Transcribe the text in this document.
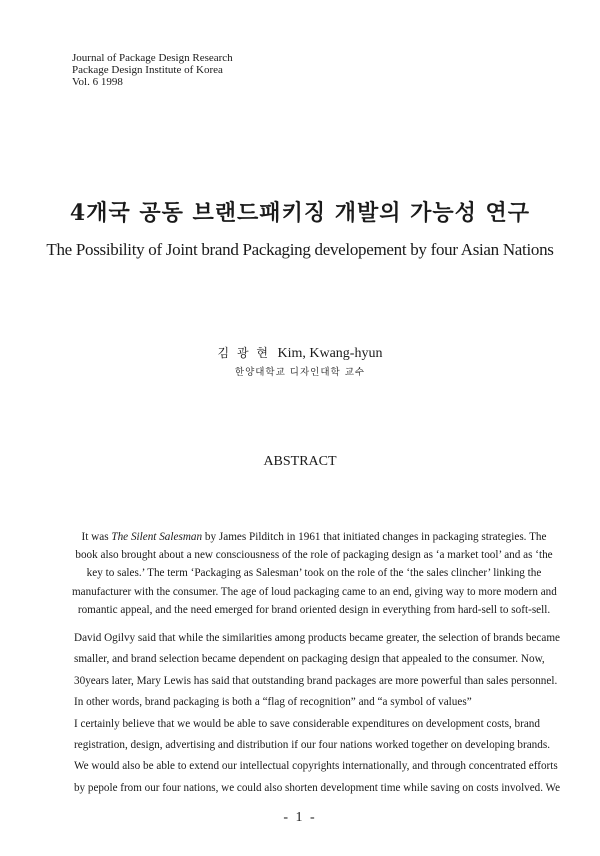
Journal of Package Design Research
Package Design Institute of Korea
Vol. 6 1998
4개국 공동 브랜드패키징 개발의 가능성 연구
The Possibility of Joint brand Packaging developement by four Asian Nations
김 광 현 Kim, Kwang-hyun
한양대학교 디자인대학 교수
ABSTRACT
It was The Silent Salesman by James Pilditch in 1961 that initiated changes in packaging strategies. The
book also brought about a new consciousness of the role of packaging design as ‘a market tool’ and as ‘the
key to sales.’ The term ‘Packaging as Salesman’ took on the role of the ‘the sales clincher’ linking the
manufacturer with the consumer. The age of loud packaging came to an end, giving way to more modern and
romantic appeal, and the need emerged for brand oriented design in everything from hard-sell to soft-sell.
David Ogilvy said that while the similarities among products became greater, the selection of brands became
smaller, and brand selection became dependent on packaging design that appealed to the consumer. Now,
30years later, Mary Lewis has said that outstanding brand packages are more powerful than sales personnel.
In other words, brand packaging is both a “flag of recognition” and “a symbol of values”
I certainly believe that we would be able to save considerable expenditures on development costs, brand
registration, design, advertising and distribution if our four nations worked together on developing brands.
We would also be able to extend our intellectual copyrights internationally, and through concentrated efforts
by pepole from our four nations, we could also shorten development time while saving on costs involved. We
- 1 -
